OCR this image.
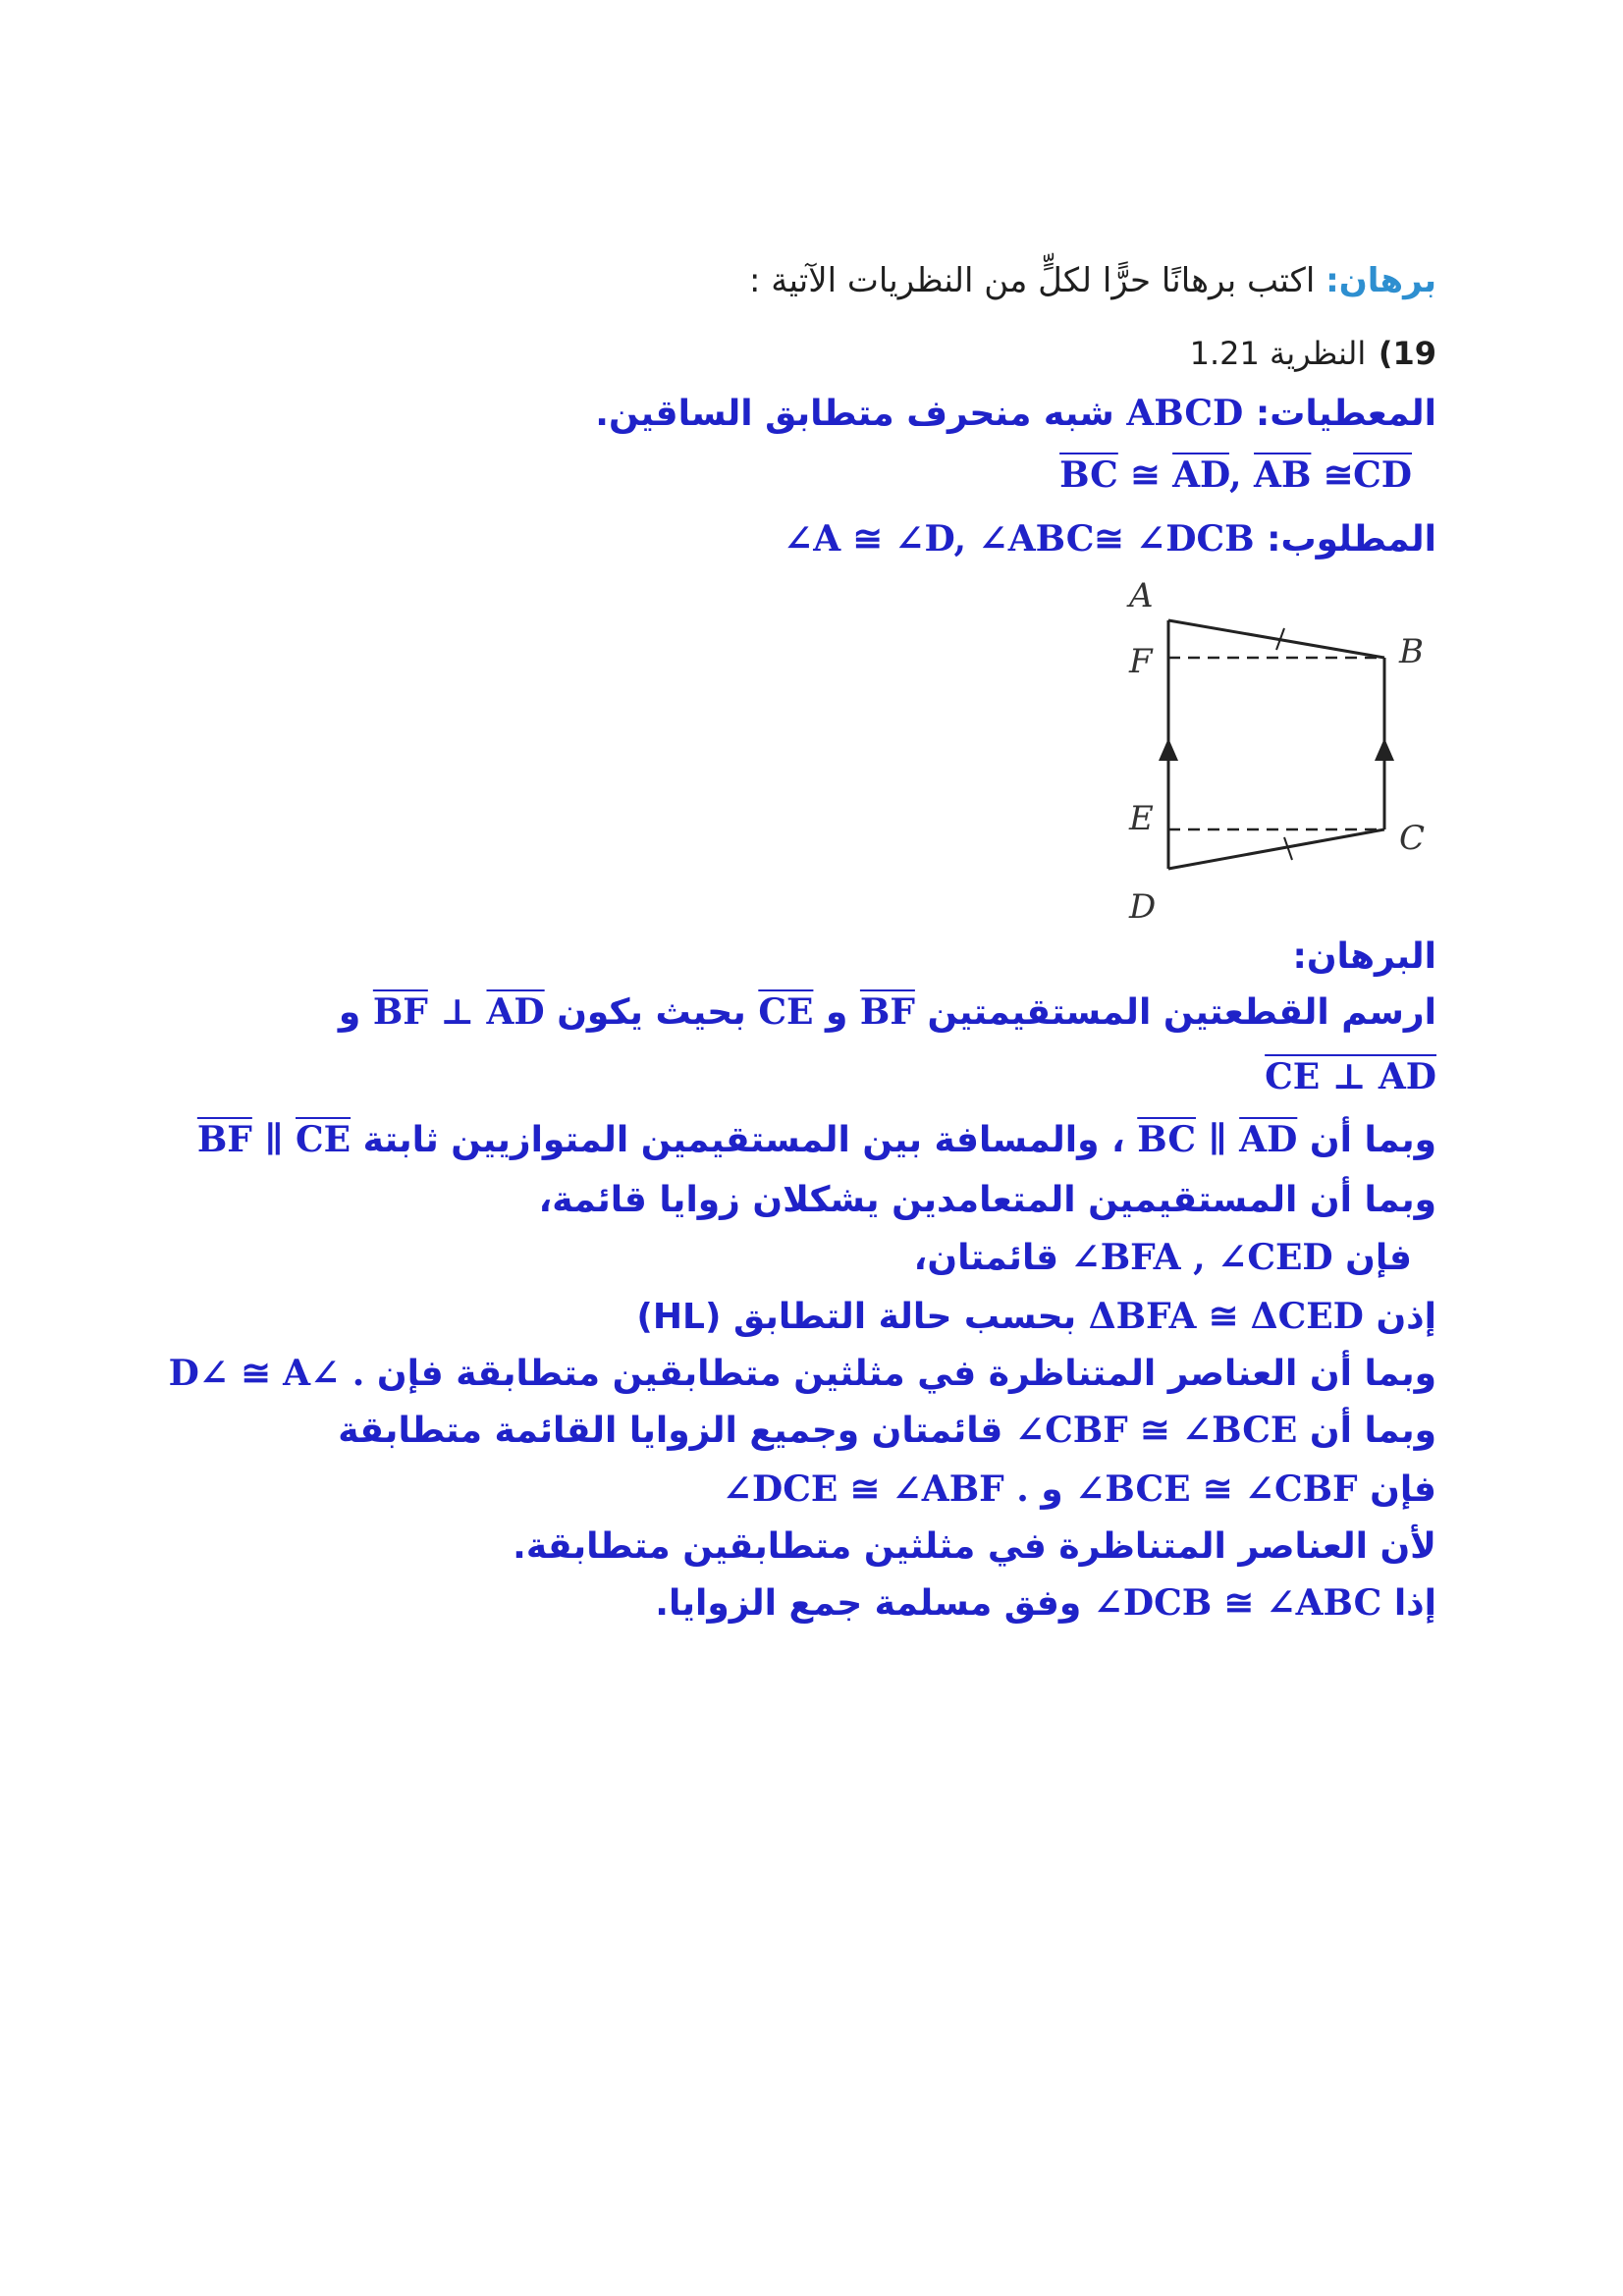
برهان: اكتب برهانًا حرًّا لكلٍّ من النظريات الآتية :
19) النظرية 1.21
المعطيات: ABCD شبه منحرف متطابق الساقين.
$\overline{BC}$ ≅ $\overline{AD}$, $\overline{AB}$ $≅\overline{CD}$
المطلوب: ∠A ≅ ∠D, ∠ABC≅ ∠DCB
A
B
C
D
E
F
البرهان:
ارسم القطعتين المستقيمتين $\overline{BF}$ و $\overline{CE}$ بحيث يكون $\overline{AD}$ ⊥ $\overline{BF}$ و
CE ⊥ AD
وبما أن $\overline{AD}$ ∥ $\overline{BC}$ ، والمسافة بين المستقيمين المتوازيين ثابتة $\overline{CE}$ ∥ $\overline{BF}$
وبما أن المستقيمين المتعامدين يشكلان زوايا قائمة،
فإن ∠BFA , ∠CED قائمتان،
إذن ΔBFA ≅ ΔCED بحسب حالة التطابق (HL)
وبما أن العناصر المتناظرة في مثلثين متطابقين متطابقة فإن D∠ ≅ A∠ .
وبما أن ∠CBF ≅ ∠BCE قائمتان وجميع الزوايا القائمة متطابقة
فإن ∠BCE ≅ ∠CBF و ∠DCE ≅ ∠ABF .
لأن العناصر المتناظرة في مثلثين متطابقين متطابقة.
إذا ∠DCB ≅ ∠ABC وفق مسلمة جمع الزوايا.
